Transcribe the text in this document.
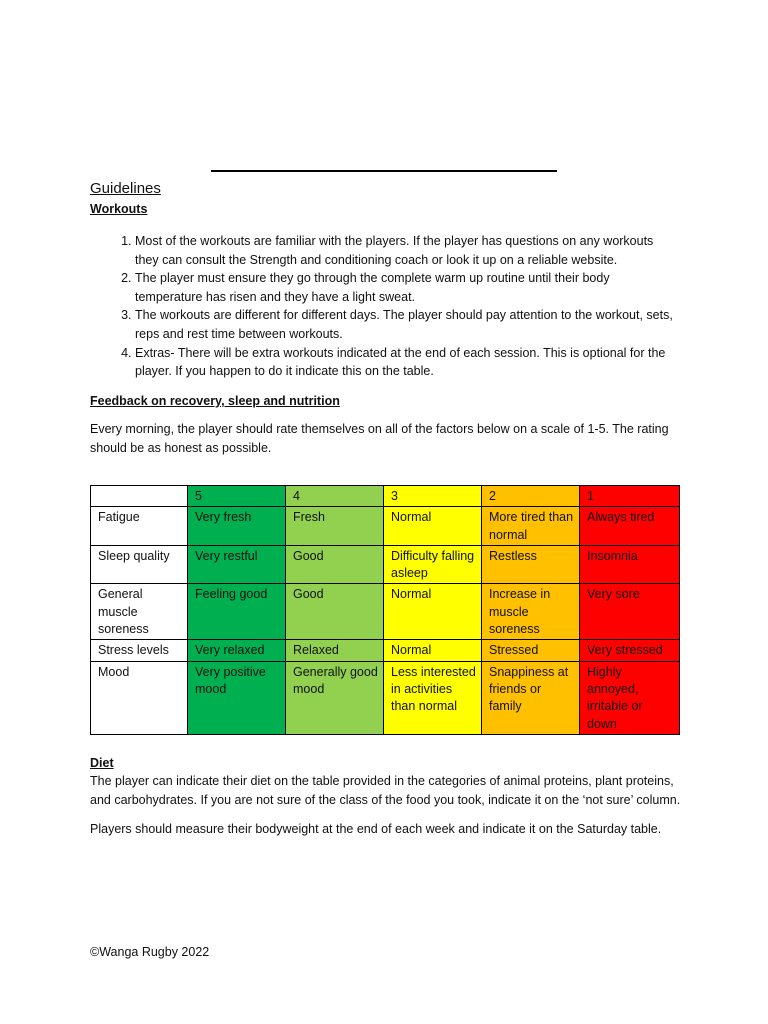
Guidelines
Workouts
1. Most of the workouts are familiar with the players. If the player has questions on any workouts they can consult the Strength and conditioning coach or look it up on a reliable website.
2. The player must ensure they go through the complete warm up routine until their body temperature has risen and they have a light sweat.
3. The workouts are different for different days. The player should pay attention to the workout, sets, reps and rest time between workouts.
4. Extras- There will be extra workouts indicated at the end of each session. This is optional for the player. If you happen to do it indicate this on the table.
Feedback on recovery, sleep and nutrition

Every morning, the player should rate themselves on all of the factors below on a scale of 1-5. The rating should be as honest as possible.

	5	4	3	2	1
Fatigue	Very fresh	Fresh	Normal	More tired than normal	Always tired
Sleep quality	Very restful	Good	Difficulty falling asleep	Restless	Insomnia
General muscle soreness	Feeling good	Good	Normal	Increase in muscle soreness	Very sore
Stress levels	Very relaxed	Relaxed	Normal	Stressed	Very stressed
Mood	Very positive mood	Generally good mood	Less interested in activities than normal	Snappiness at friends or family	Highly annoyed, irritable or down
Diet

The player can indicate their diet on the table provided in the categories of animal proteins, plant proteins, and carbohydrates. If you are not sure of the class of the food you took, indicate it on the ‘not sure’ column.

Players should measure their bodyweight at the end of each week and indicate it on the Saturday table.

©Wanga Rugby 2022
